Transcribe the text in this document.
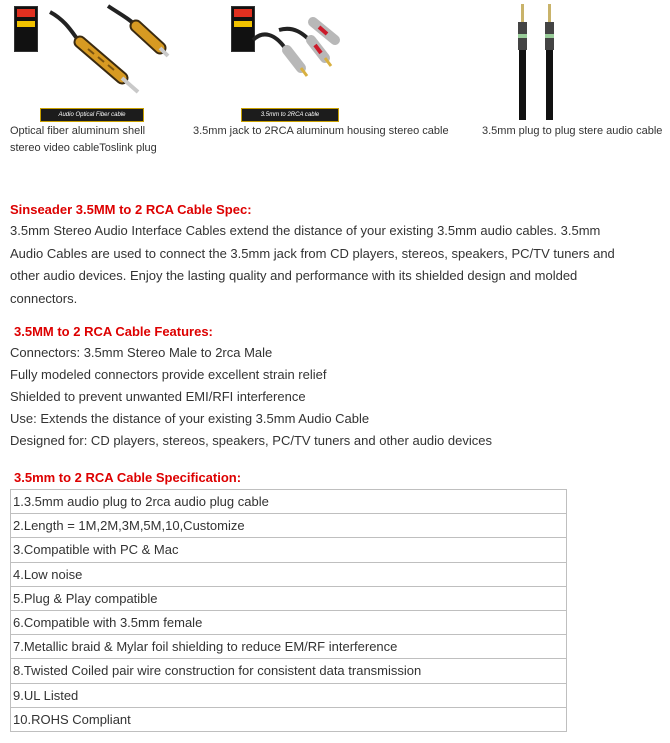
Audio Optical Fiber cable
Optical fiber aluminum shell
stereo video cableToslink plug
3.5mm to 2RCA cable
3.5mm jack to 2RCA aluminum housing stereo cable	3.5mm plug to plug stere audio cable
Sinseader 3.5MM to 2 RCA Cable Spec:
3.5mm Stereo Audio Interface Cables extend the distance of your existing 3.5mm audio cables. 3.5mm
Audio Cables are used to connect the 3.5mm jack from CD players, stereos, speakers, PC/TV tuners and
other audio devices. Enjoy the lasting quality and performance with its shielded design and molded
connectors.
3.5MM to 2 RCA Cable Features:
Connectors: 3.5mm Stereo Male to 2rca Male
Fully modeled connectors provide excellent strain relief
Shielded to prevent unwanted EMI/RFI interference
Use: Extends the distance of your existing 3.5mm Audio Cable
Designed for: CD players, stereos, speakers, PC/TV tuners and other audio devices
3.5mm to 2 RCA Cable Specification:
1.3.5mm audio plug to 2rca audio plug cable
2.Length = 1M,2M,3M,5M,10,Customize
3.Compatible with PC & Mac
4.Low noise
5.Plug & Play compatible
6.Compatible with 3.5mm female
7.Metallic braid & Mylar foil shielding to reduce EM/RF interference
8.Twisted Coiled pair wire construction for consistent data transmission
9.UL Listed
10.ROHS Compliant
